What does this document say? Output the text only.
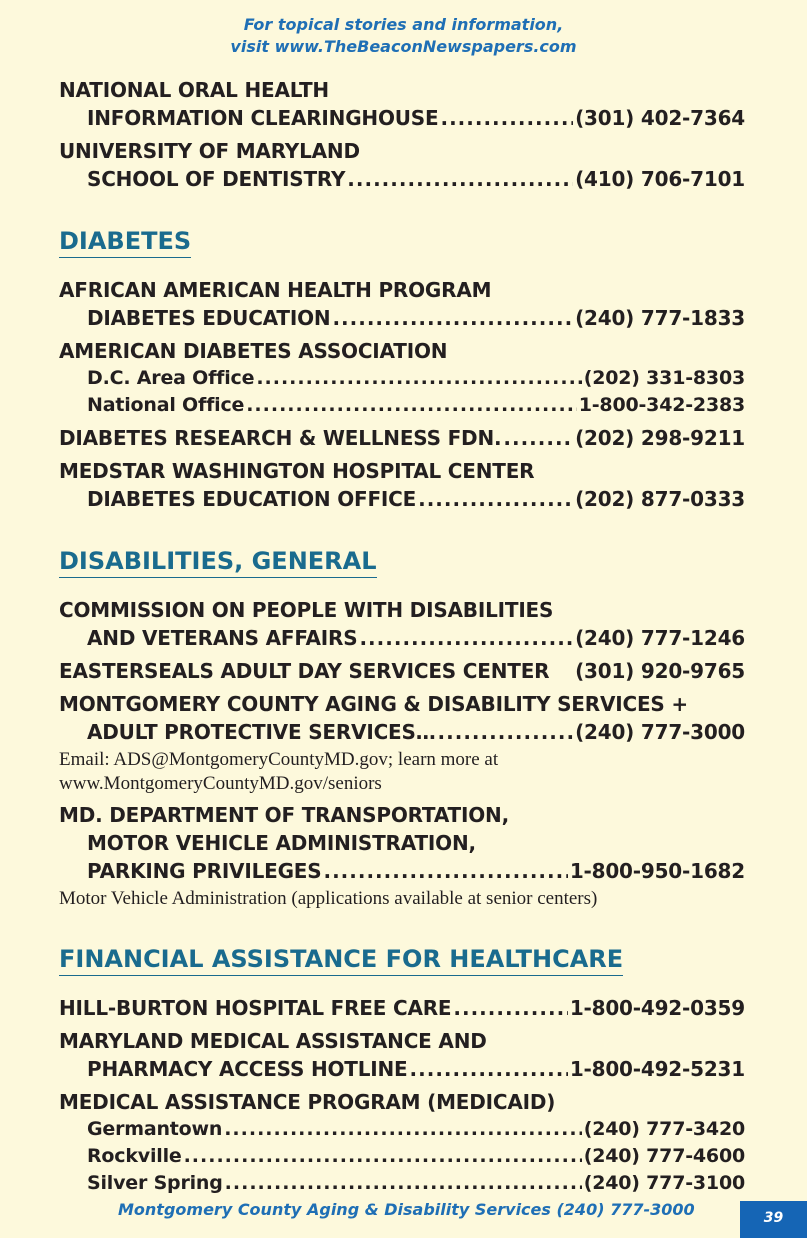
For topical stories and information,
visit www.TheBeaconNewspapers.com
NATIONAL ORAL HEALTH
INFORMATION CLEARINGHOUSE .....	(301) 402-7364
UNIVERSITY OF MARYLAND
SCHOOL OF DENTISTRY .....	(410) 706-7101
DIABETES
AFRICAN AMERICAN HEALTH PROGRAM
DIABETES EDUCATION .....	(240) 777-1833
AMERICAN DIABETES ASSOCIATION
D.C. Area Office .....	(202) 331-8303
National Office .....	1-800-342-2383
DIABETES RESEARCH & WELLNESS FDN. .....	(202) 298-9211
MEDSTAR WASHINGTON HOSPITAL CENTER
DIABETES EDUCATION OFFICE .....	(202) 877-0333
DISABILITIES, GENERAL
COMMISSION ON PEOPLE WITH DISABILITIES
AND VETERANS AFFAIRS .....	(240) 777-1246
EASTERSEALS ADULT DAY SERVICES CENTER (301) 920-9765
MONTGOMERY COUNTY AGING & DISABILITY SERVICES +
ADULT PROTECTIVE SERVICES… .....	(240) 777-3000
Email: ADS@MontgomeryCountyMD.gov; learn more at
www.MontgomeryCountyMD.gov/seniors
MD. DEPARTMENT OF TRANSPORTATION,
MOTOR VEHICLE ADMINISTRATION,
PARKING PRIVILEGES .....	1-800-950-1682
Motor Vehicle Administration (applications available at senior centers)
FINANCIAL ASSISTANCE FOR HEALTHCARE
HILL-BURTON HOSPITAL FREE CARE .....	1-800-492-0359
MARYLAND MEDICAL ASSISTANCE AND
PHARMACY ACCESS HOTLINE .....	1-800-492-5231
MEDICAL ASSISTANCE PROGRAM (MEDICAID)
Germantown .....	(240) 777-3420
Rockville .....	(240) 777-4600
Silver Spring .....	(240) 777-3100
Montgomery County Aging & Disability Services (240) 777-3000	39
